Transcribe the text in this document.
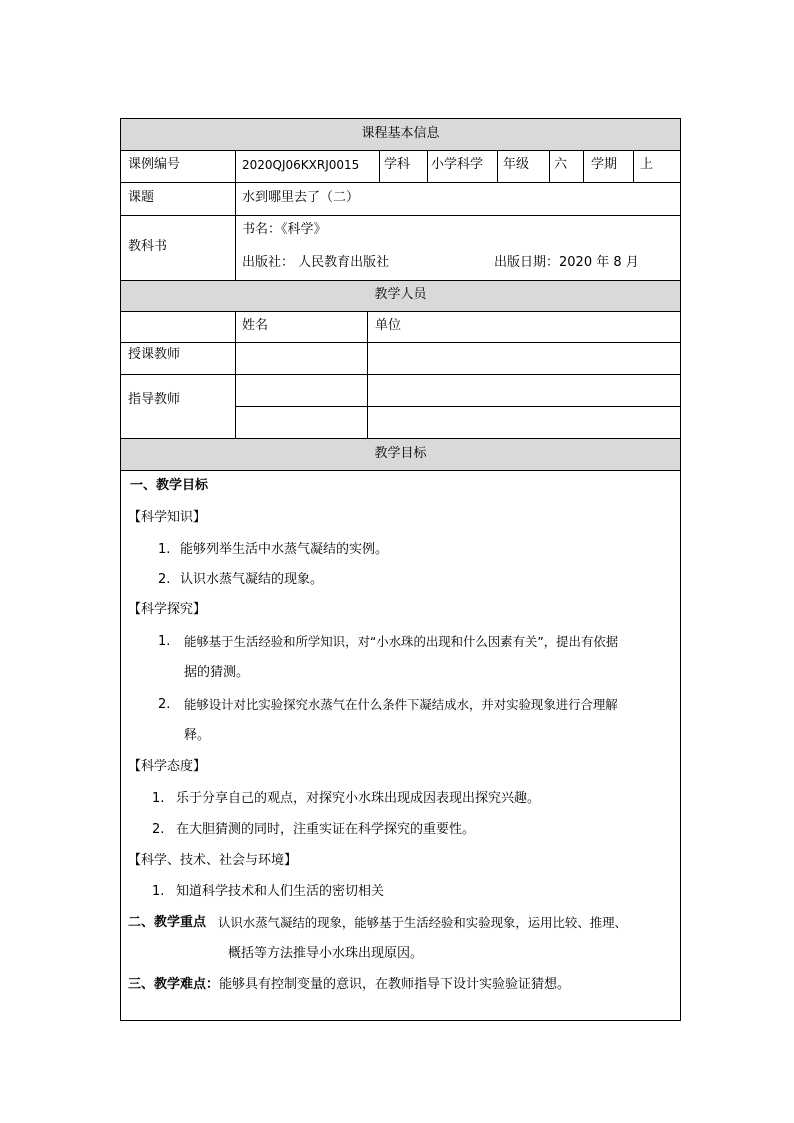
课程基本信息
课例编号	2020QJ06KXRJ0015 学科 小学科学 年级 六 学期 上
课题	水到哪里去了（二）
教科书
书名：《科学》
出版社： 人民教育出版社	出版日期：2020 年 8 月
教学人员
姓名	单位
授课教师
指导教师
教学目标
一、教学目标
【科学知识】
1. 能够列举生活中水蒸气凝结的实例。
2. 认识水蒸气凝结的现象。
【科学探究】
1. 能够基于生活经验和所学知识，对“小水珠的出现和什么因素有关”，提出有依据
据的猜测。
2. 能够设计对比实验探究水蒸气在什么条件下凝结成水，并对实验现象进行合理解
释。
【科学态度】
1. 乐于分享自己的观点，对探究小水珠出现成因表现出探究兴趣。
2. 在大胆猜测的同时，注重实证在科学探究的重要性。
【科学、技术、社会与环境】
1. 知道科学技术和人们生活的密切相关
二、教学重点 认识水蒸气凝结的现象，能够基于生活经验和实验现象，运用比较、推理、
概括等方法推导小水珠出现原因。
三、教学难点：能够具有控制变量的意识，在教师指导下设计实验验证猜想。
